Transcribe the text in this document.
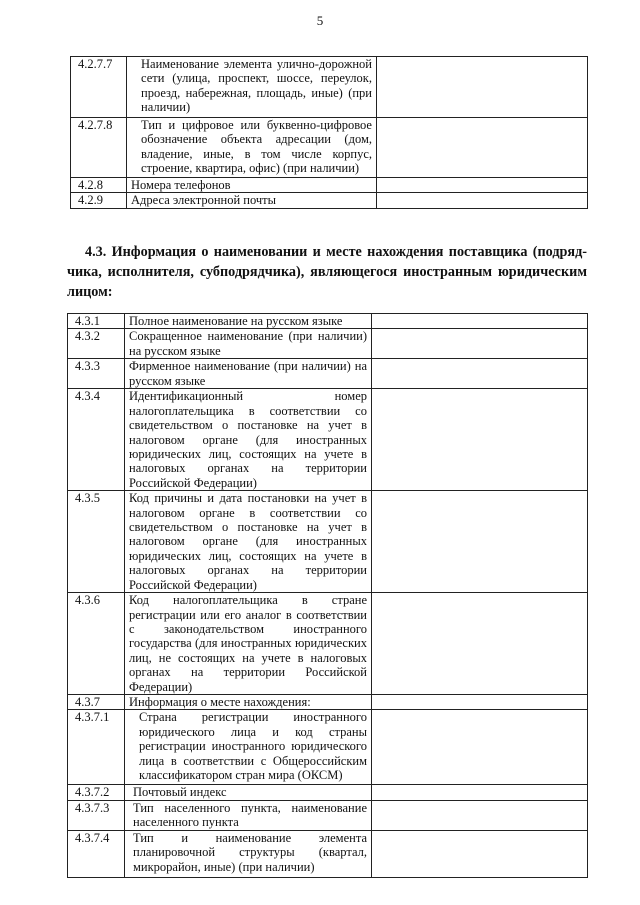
5
4.2.7.7	Наименование элемента улично-дорожной сети (улица, проспект, шоссе, переулок, проезд, набережная, площадь, иные) (при наличии)	
4.2.7.8	Тип и цифровое или буквенно-цифровое обозначение объекта адресации (дом, владение, иные, в том числе корпус, строение, квартира, офис) (при наличии)	
4.2.8	Номера телефонов	
4.2.9	Адреса электронной почты	
4.3. Информация о наименовании и месте нахождения поставщика (подряд-
чика, исполнителя, субподрядчика), являющегося иностранным юридическим
лицом:
4.3.1	Полное наименование на русском языке	
4.3.2	Сокращенное наименование (при наличии) на русском языке	
4.3.3	Фирменное наименование (при наличии) на русском языке	
4.3.4	Идентификационный номер налогоплательщика в соответствии со свидетельством о постановке на учет в налоговом органе (для иностранных юридических лиц, состоящих на учете в налоговых органах на территории Российской Федерации)	
4.3.5	Код причины и дата постановки на учет в налоговом органе в соответствии со свидетельством о постановке на учет в налоговом органе (для иностранных юридических лиц, состоящих на учете в налоговых органах на территории Российской Федерации)	
4.3.6	Код налогоплательщика в стране регистрации или его аналог в соответствии с законодательством иностранного государства (для иностранных юридических лиц, не состоящих на учете в налоговых органах на территории Российской Федерации)	
4.3.7	Информация о месте нахождения:	
4.3.7.1	Страна регистрации иностранного юридического лица и код страны регистрации иностранного юридического лица в соответствии с Общероссийским классификатором стран мира (ОКСМ)	
4.3.7.2	Почтовый индекс	
4.3.7.3	Тип населенного пункта, наименование населенного пункта	
4.3.7.4	Тип и наименование элемента планировочной структуры (квартал, микрорайон, иные) (при наличии)	
